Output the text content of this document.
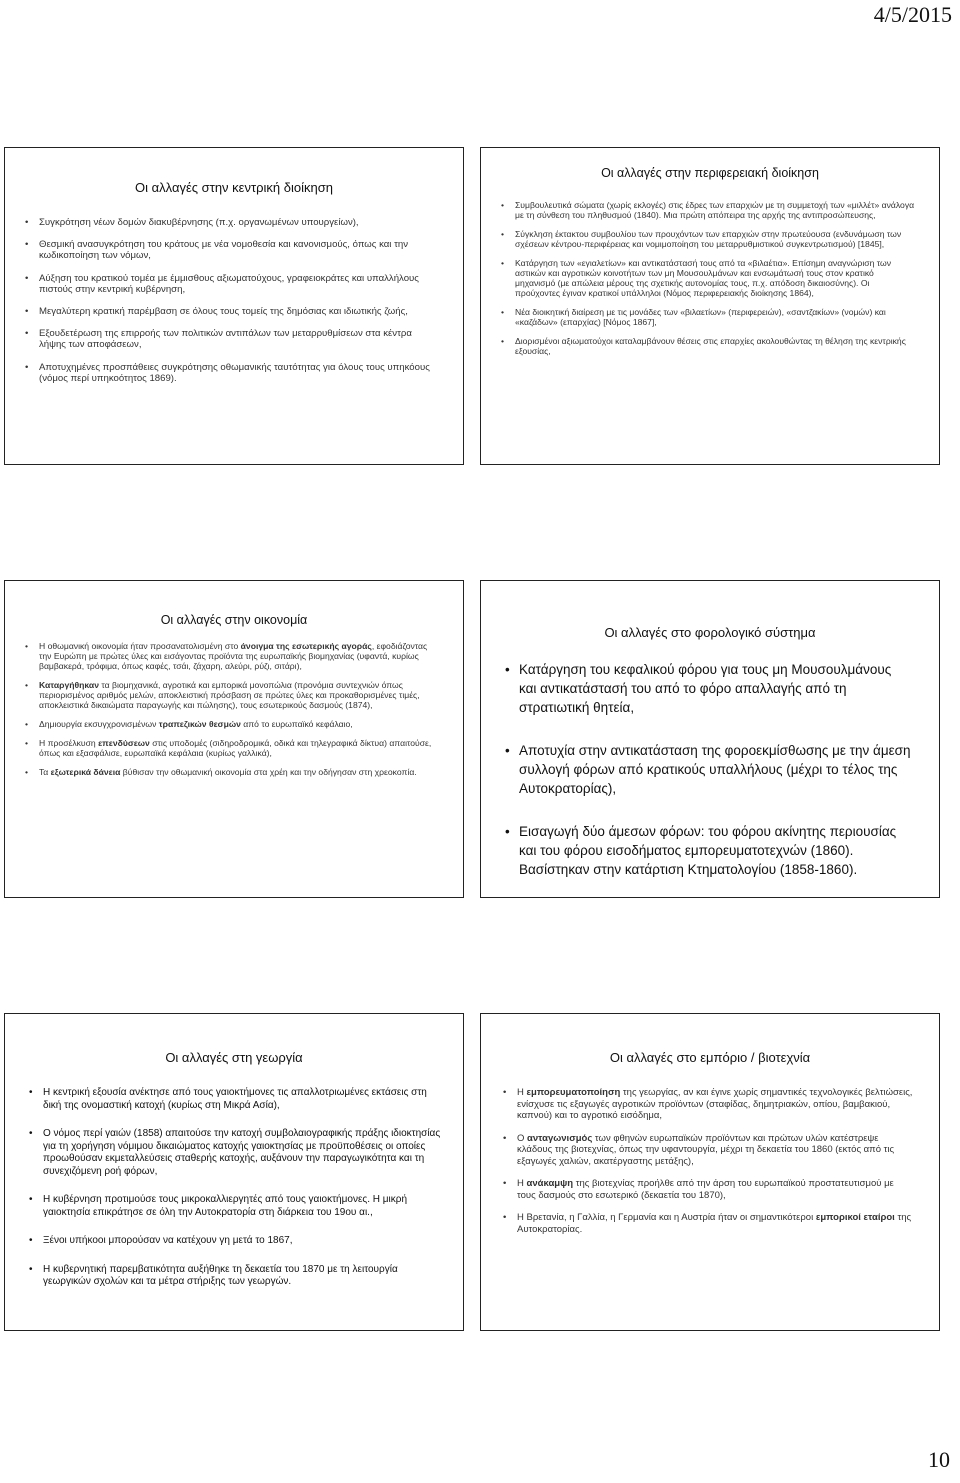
4/5/2015
Οι αλλαγές στην κεντρική διοίκηση
• Συγκρότηση νέων δομών διακυβέρνησης (π.χ. οργανωμένων υπουργείων),
• Θεσμική ανασυγκρότηση του κράτους με νέα νομοθεσία και κανονισμούς, όπως και την κωδικοποίηση των νόμων,
• Αύξηση του κρατικού τομέα με έμμισθους αξιωματούχους, γραφειοκράτες και υπαλλήλους πιστούς στην κεντρική κυβέρνηση,
• Μεγαλύτερη κρατική παρέμβαση σε όλους τους τομείς της δημόσιας και ιδιωτικής ζωής,
• Εξουδετέρωση της επιρροής των πολιτικών αντιπάλων των μεταρρυθμίσεων στα κέντρα λήψης των αποφάσεων,
• Αποτυχημένες προσπάθειες συγκρότησης οθωμανικής ταυτότητας για όλους τους υπηκόους (νόμος περί υπηκοότητος 1869).
Οι αλλαγές στην περιφερειακή διοίκηση
• Συμβουλευτικά σώματα (χωρίς εκλογές) στις έδρες των επαρχιών με τη συμμετοχή των «μιλλέτ» ανάλογα με τη σύνθεση του πληθυσμού (1840). Μια πρώτη απόπειρα της αρχής της αντιπροσώπευσης,
• Σύγκληση έκτακτου συμβουλίου των προυχόντων των επαρχιών στην πρωτεύουσα (ενδυνάμωση των σχέσεων κέντρου-περιφέρειας και νομιμοποίηση του μεταρρυθμιστικού συγκεντρωτισμού) [1845],
• Κατάργηση των «εγιαλετίων» και αντικατάστασή τους από τα «βιλαέτια». Επίσημη αναγνώριση των αστικών και αγροτικών κοινοτήτων των μη Μουσουλμάνων και ενσωμάτωσή τους στον κρατικό μηχανισμό (με απώλεια μέρους της σχετικής αυτονομίας τους, π.χ. απόδοση δικαιοσύνης). Οι προύχοντες έγιναν κρατικοί υπάλληλοι (Νόμος περιφερειακής διοίκησης 1864),
• Νέα διοικητική διαίρεση με τις μονάδες των «βιλαετίων» (περιφερειών), «σαντζακίων» (νομών) και «καζάδων» (επαρχίας) [Νόμος 1867],
• Διορισμένοι αξιωματούχοι καταλαμβάνουν θέσεις στις επαρχίες ακολουθώντας τη θέληση της κεντρικής εξουσίας,
Οι αλλαγές στην οικονομία
• Η οθωμανική οικονομία ήταν προσανατολισμένη στο άνοιγμα της εσωτερικής αγοράς, εφοδιάζοντας την Ευρώπη με πρώτες ύλες και εισάγοντας προϊόντα της ευρωπαϊκής βιομηχανίας (υφαντά, κυρίως βαμβακερά, τρόφιμα, όπως καφές, τσάι, ζάχαρη, αλεύρι, ρύζι, σιτάρι),
• Καταργήθηκαν τα βιομηχανικά, αγροτικά και εμπορικά μονοπώλια (προνόμια συντεχνιών όπως περιορισμένος αριθμός μελών, αποκλειστική πρόσβαση σε πρώτες ύλες και προκαθορισμένες τιμές, αποκλειστικά δικαιώματα παραγωγής και πώλησης), τους εσωτερικούς δασμούς (1874),
• Δημιουργία εκσυγχρονισμένων τραπεζικών θεσμών από το ευρωπαϊκό κεφάλαιο,
• Η προσέλκυση επενδύσεων στις υποδομές (σιδηροδρομικά, οδικά και τηλεγραφικά δίκτυα) απαιτούσε, όπως και εξασφάλισε, ευρωπαϊκά κεφάλαια (κυρίως γαλλικά),
• Τα εξωτερικά δάνεια βύθισαν την οθωμανική οικονομία στα χρέη και την οδήγησαν στη χρεοκοπία.
Οι αλλαγές στο φορολογικό σύστημα
• Κατάργηση του κεφαλικού φόρου για τους μη Μουσουλμάνους και αντικατάστασή του από το φόρο απαλλαγής από τη στρατιωτική θητεία,
• Αποτυχία στην αντικατάσταση της φοροεκμίσθωσης με την άμεση συλλογή φόρων από κρατικούς υπαλλήλους (μέχρι το τέλος της Αυτοκρατορίας),
• Εισαγωγή δύο άμεσων φόρων: του φόρου ακίνητης περιουσίας και του φόρου εισοδήματος εμπορευματοτεχνών (1860). Βασίστηκαν στην κατάρτιση Κτηματολογίου (1858-1860).
Οι αλλαγές στη γεωργία
• Η κεντρική εξουσία ανέκτησε από τους γαιοκτήμονες τις απαλλοτριωμένες εκτάσεις στη δική της ονομαστική κατοχή (κυρίως στη Μικρά Ασία),
• Ο νόμος περί γαιών (1858) απαιτούσε την κατοχή συμβολαιογραφικής πράξης ιδιοκτησίας για τη χορήγηση νόμιμου δικαιώματος κατοχής γαιοκτησίας με προϋποθέσεις οι οποίες προωθούσαν εκμεταλλεύσεις σταθερής κατοχής, αυξάνουν την παραγωγικότητα και τη συνεχιζόμενη ροή φόρων,
• Η κυβέρνηση προτιμούσε τους μικροκαλλιεργητές από τους γαιοκτήμονες. Η μικρή γαιοκτησία επικράτησε σε όλη την Αυτοκρατορία στη διάρκεια του 19ου αι.,
• Ξένοι υπήκοοι μπορούσαν να κατέχουν γη μετά το 1867,
• Η κυβερνητική παρεμβατικότητα αυξήθηκε τη δεκαετία του 1870 με τη λειτουργία γεωργικών σχολών και τα μέτρα στήριξης των γεωργών.
Οι αλλαγές στο εμπόριο / βιοτεχνία
• Η εμπορευματοποίηση της γεωργίας, αν και έγινε χωρίς σημαντικές τεχνολογικές βελτιώσεις, ενίσχυσε τις εξαγωγές αγροτικών προϊόντων (σταφίδας, δημητριακών, οπίου, βαμβακιού, καπνού) και το αγροτικό εισόδημα,
• Ο ανταγωνισμός των φθηνών ευρωπαϊκών προϊόντων και πρώτων υλών κατέστρεψε κλάδους της βιοτεχνίας, όπως την υφαντουργία, μέχρι τη δεκαετία του 1860 (εκτός από τις εξαγωγές χαλιών, ακατέργαστης μετάξης),
• Η ανάκαμψη της βιοτεχνίας προήλθε από την άρση του ευρωπαϊκού προστατευτισμού με τους δασμούς στο εσωτερικό (δεκαετία του 1870),
• Η Βρετανία, η Γαλλία, η Γερμανία και η Αυστρία ήταν οι σημαντικότεροι εμπορικοί εταίροι της Αυτοκρατορίας.
10
